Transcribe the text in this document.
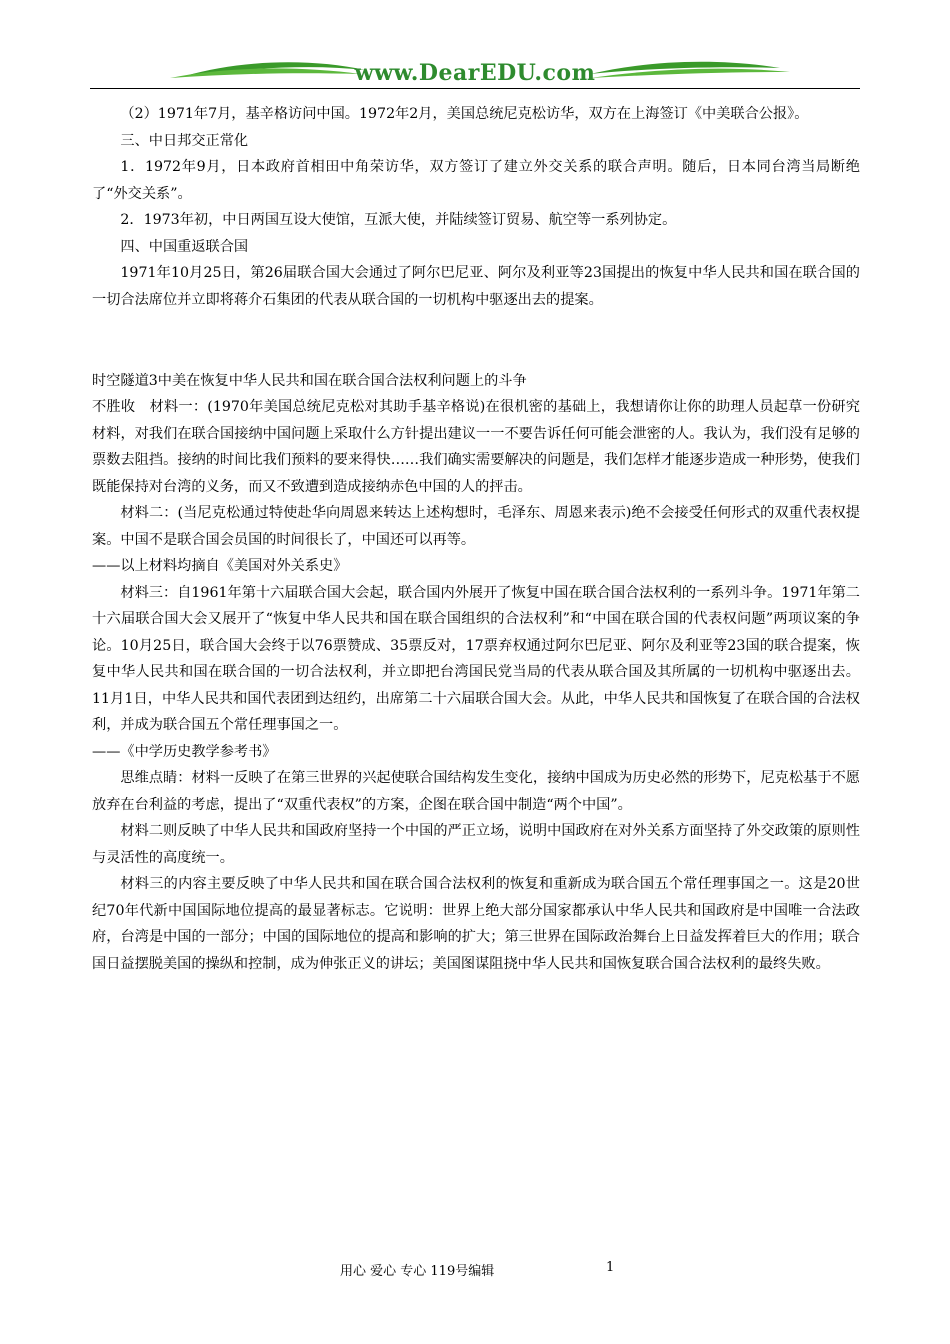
www.DearEDU.com

（2）1971年7月，基辛格访问中国。1972年2月，美国总统尼克松访华，双方在上海签订《中美联合公报》。

三、中日邦交正常化

1．1972年9月，日本政府首相田中角荣访华，双方签订了建立外交关系的联合声明。随后，日本同台湾当局断绝了“外交关系”。

2．1973年初，中日两国互设大使馆，互派大使，并陆续签订贸易、航空等一系列协定。

四、中国重返联合国

1971年10月25日，第26届联合国大会通过了阿尔巴尼亚、阿尔及利亚等23国提出的恢复中华人民共和国在联合国的一切合法席位并立即将蒋介石集团的代表从联合国的一切机构中驱逐出去的提案。

时空隧道3中美在恢复中华人民共和国在联合国合法权利问题上的斗争

不胜收　材料一：(1970年美国总统尼克松对其助手基辛格说)在很机密的基础上，我想请你让你的助理人员起草一份研究材料，对我们在联合国接纳中国问题上采取什么方针提出建议一一不要告诉任何可能会泄密的人。我认为，我们没有足够的票数去阻挡。接纳的时间比我们预料的要来得快……我们确实需要解决的问题是，我们怎样才能逐步造成一种形势，使我们既能保持对台湾的义务，而又不致遭到造成接纳赤色中国的人的抨击。

材料二：(当尼克松通过特使赴华向周恩来转达上述构想时，毛泽东、周恩来表示)绝不会接受任何形式的双重代表权提案。中国不是联合国会员国的时间很长了，中国还可以再等。

——以上材料均摘自《美国对外关系史》

材料三：自1961年第十六届联合国大会起，联合国内外展开了恢复中国在联合国合法权利的一系列斗争。1971年第二十六届联合国大会又展开了“恢复中华人民共和国在联合国组织的合法权利”和“中国在联合国的代表权问题”两项议案的争论。10月25日，联合国大会终于以76票赞成、35票反对，17票弃权通过阿尔巴尼亚、阿尔及利亚等23国的联合提案，恢复中华人民共和国在联合国的一切合法权利，并立即把台湾国民党当局的代表从联合国及其所属的一切机构中驱逐出去。11月1日，中华人民共和国代表团到达纽约，出席第二十六届联合国大会。从此，中华人民共和国恢复了在联合国的合法权利，并成为联合国五个常任理事国之一。

——《中学历史教学参考书》

思维点睛：材料一反映了在第三世界的兴起使联合国结构发生变化，接纳中国成为历史必然的形势下，尼克松基于不愿放弃在台利益的考虑，提出了“双重代表权”的方案，企图在联合国中制造“两个中国”。

材料二则反映了中华人民共和国政府坚持一个中国的严正立场，说明中国政府在对外关系方面坚持了外交政策的原则性与灵活性的高度统一。

材料三的内容主要反映了中华人民共和国在联合国合法权利的恢复和重新成为联合国五个常任理事国之一。这是20世纪70年代新中国国际地位提高的最显著标志。它说明：世界上绝大部分国家都承认中华人民共和国政府是中国唯一合法政府，台湾是中国的一部分；中国的国际地位的提高和影响的扩大；第三世界在国际政治舞台上日益发挥着巨大的作用；联合国日益摆脱美国的操纵和控制，成为伸张正义的讲坛；美国图谋阻挠中华人民共和国恢复联合国合法权利的最终失败。

用心 爱心 专心 119号编辑	1
